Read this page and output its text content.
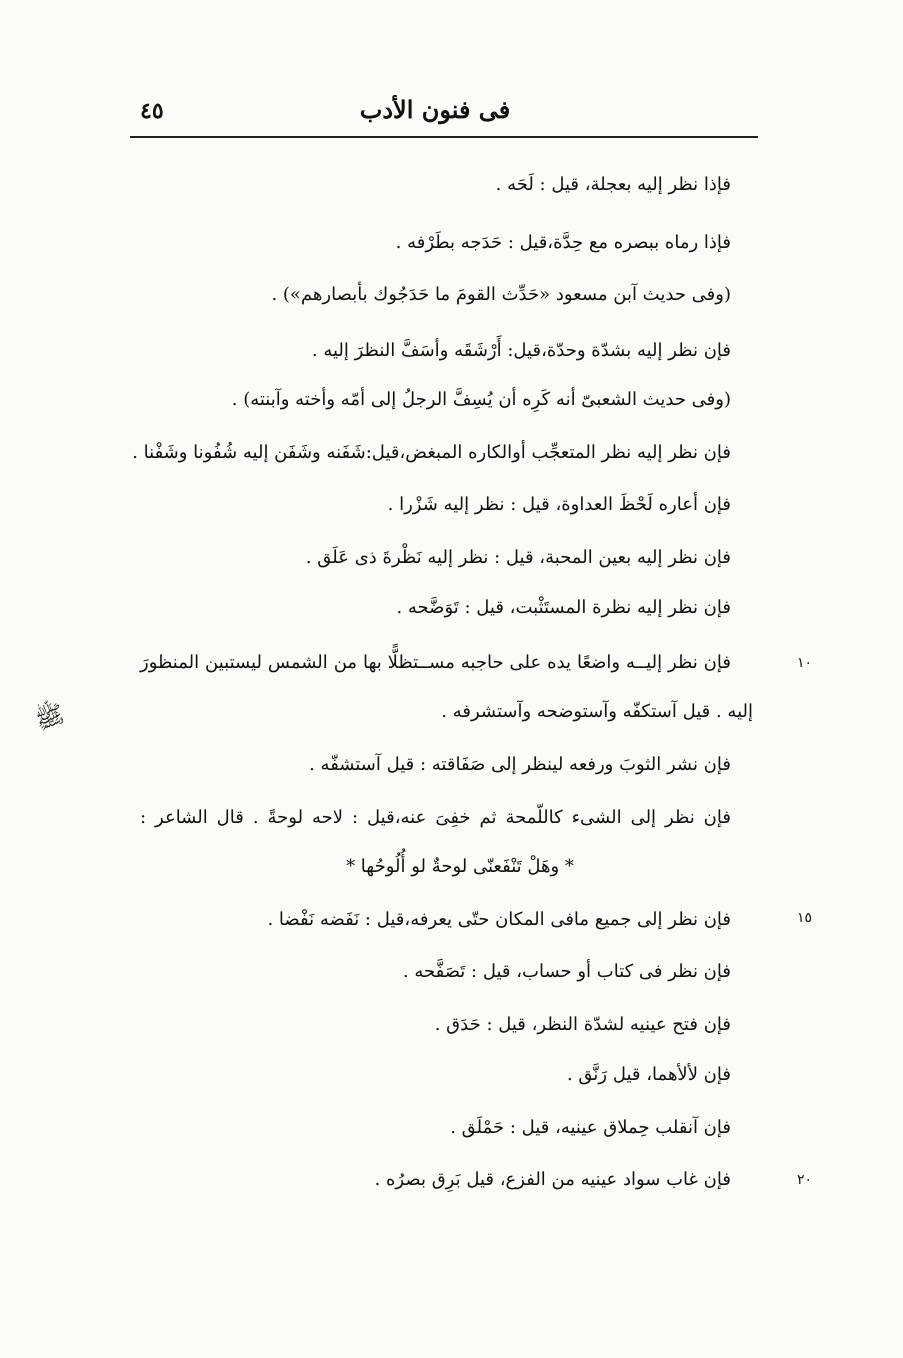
فى فنون الأدب
٤٥
فإذا نظر إليه بعجلة، قيل : لَحَه .
فإذا رماه ببصره مع حِدَّة،قيل : حَدَجه بطَرْفه .
(وفى حديث آبن مسعود «حَدِّث القومَ ما حَدَجُوك بأبصارهم») .
فإن نظر إليه بشدّة وحدّة،قيل: أَرْشَقَه وأسَفَّ النظرَ إليه .
(وفى حديث الشعبىّ أنه كَرِه أن يُسِفَّ الرجلُ إلى أمّه وأخته وآبنته) .
فإن نظر إليه نظر المتعجِّب أوالكاره المبغض،قيل:شَفَنه وشَفَن إليه شُفُونا وشَفْنا .
فإن أعاره لَحْظَ العداوة، قيل : نظر إليه شَزْرا .
فإن نظر إليه بعين المحبة، قيل : نظر إليه نَظْرةَ ذى عَلَق .
فإن نظر إليه نظرة المستَثْبت، قيل : تَوَضَّحه .
فإن نظر إليــه واضعًا يده على حاجبه مســتظلًّا بها من الشمس ليستبين المنظورَ
إليه . قيل آستكفّه وآستوضحه وآستشرفه .
فإن نشر الثوبَ ورفعه لينظر إلى صَفَاقته : قيل آستشفّه .
فإن نظر إلى الشىء كاللّمحة ثم خفِىَ عنه،قيل : لاحه لوحةً . قال الشاعر :
* وهَلْ تَنْفَعنّى لوحةٌ لو أُلُوحُها *
فإن نظر إلى جميع مافى المكان حتّى يعرفه،قيل : نَفَضه نَفْضا .
فإن نظر فى كتاب أو حساب، قيل : تَصَفَّحه .
فإن فتح عينيه لشدّة النظر، قيل : حَدَق .
فإن لألأهما، قيل رَنَّق .
فإن آنقلب حِملاق عينيه، قيل : حَمْلَق .
فإن غاب سواد عينيه من الفزع، قيل بَرِق بصرُه .
١٠
١٥
٢٠
ﷺ
